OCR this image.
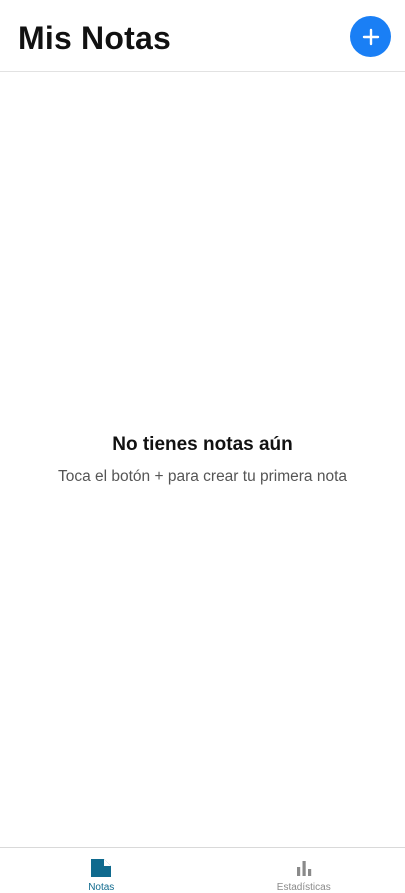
Mis Notas
No tienes notas aún
Toca el botón + para crear tu primera nota
Notas	Estadísticas
